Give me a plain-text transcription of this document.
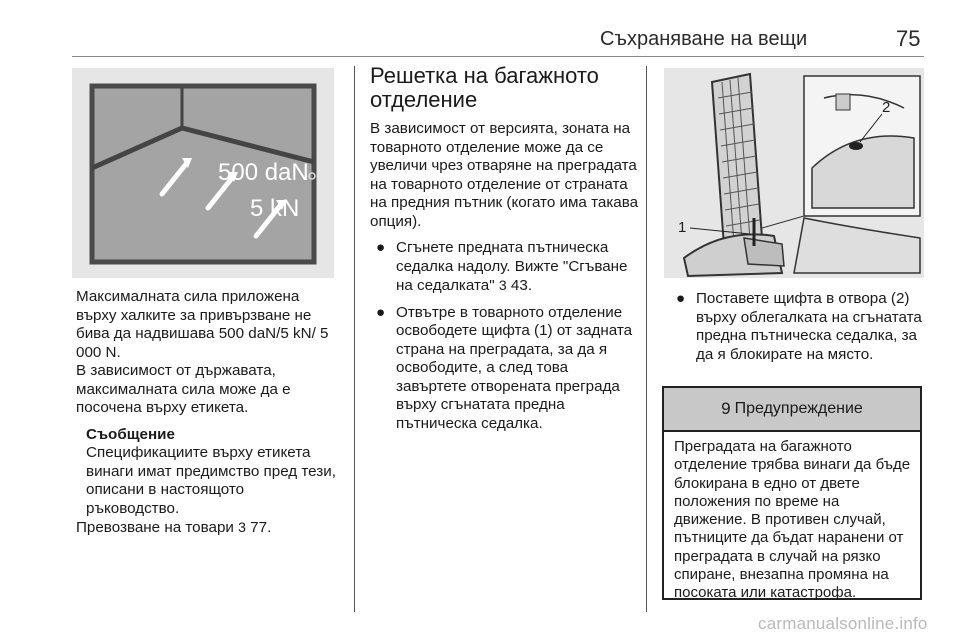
Съхраняване на вещи	75
500 daN
5 kN
1
2

Максималната сила приложена върху халките за привързване не бива да надвишава 500 daN/5 kN/ 5 000 N.

В зависимост от държавата, максималната сила може да е посочена върху етикета.

Съобщение
Спецификациите върху етикета винаги имат предимство пред тези, описани в настоящото ръководство.

Превозване на товари 3 77.

Решетка на багажното отделение

В зависимост от версията, зоната на товарното отделение може да се увеличи чрез отваряне на преградата на товарното отделение от страната на предния пътник (когато има такава опция).

● Сгънете предната пътническа седалка надолу. Вижте "Сгъване на седалката" 3 43.
● Отвътре в товарното отделение освободете щифта (1) от задната страна на преградата, за да я освободите, а след това завъртете отворената преграда върху сгънатата предна пътническа седалка.
● Поставете щифта в отвора (2) върху облегалката на сгънатата предна пътническа седалка, за да я блокирате на място.
9 Предупреждение
Преградата на багажното отделение трябва винаги да бъде блокирана в едно от двете положения по време на движение. В противен случай, пътниците да бъдат наранени от преградата в случай на рязко спиране, внезапна промяна на посоката или катастрофа.
carmanualsonline.info
